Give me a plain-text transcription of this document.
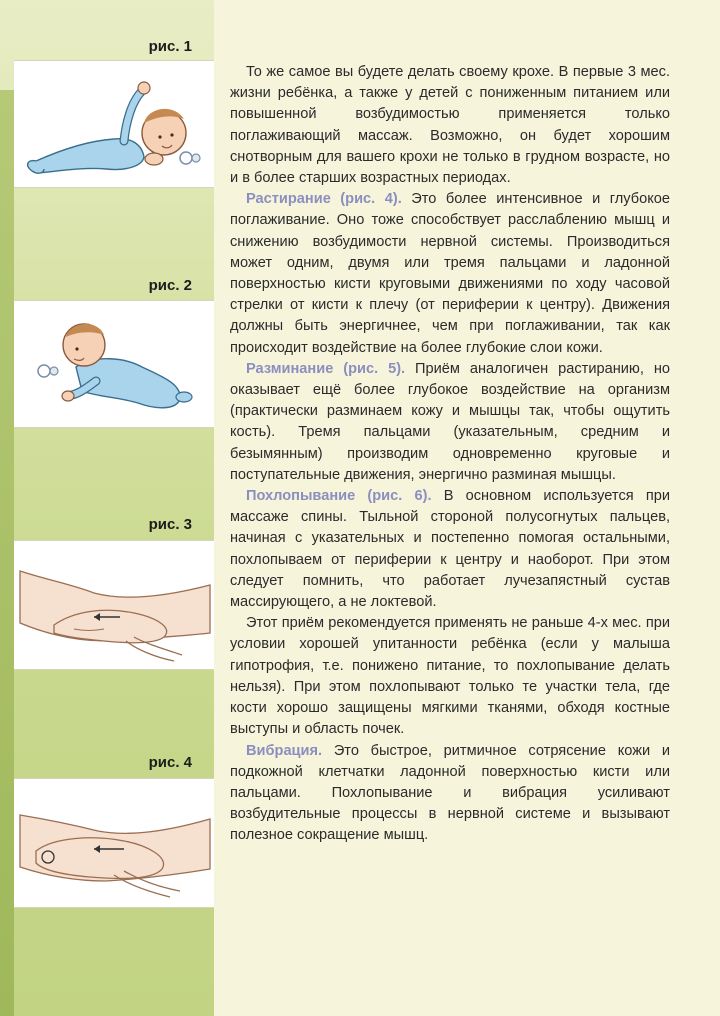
рис. 1
рис. 2
рис. 3
рис. 4

То же самое вы будете делать своему крохе. В первые 3 мес. жизни ребёнка, а также у детей с пониженным питанием или повышенной возбудимостью применяется только поглаживающий массаж. Возможно, он будет хорошим снотворным для вашего крохи не только в грудном возрасте, но и в более старших возрастных периодах.

Растирание (рис. 4). Это более интенсивное и глубокое поглаживание. Оно тоже способствует расслаблению мышц и снижению возбудимости нервной системы. Производиться может одним, двумя или тремя пальцами и ладонной поверхностью кисти круговыми движениями по ходу часовой стрелки от кисти к плечу (от периферии к центру). Движения должны быть энергичнее, чем при поглаживании, так как происходит воздействие на более глубокие слои кожи.

Разминание (рис. 5). Приём аналогичен растиранию, но оказывает ещё более глубокое воздействие на организм (практически разминаем кожу и мышцы так, чтобы ощутить кость). Тремя пальцами (указательным, средним и безымянным) производим одновременно круговые и поступательные движения, энергично разминая мышцы.

Похлопывание (рис. 6). В основном используется при массаже спины. Тыльной стороной полусогнутых пальцев, начиная с указательных и постепенно помогая остальными, похлопываем от периферии к центру и наоборот. При этом следует помнить, что работает лучезапястный сустав массирующего, а не локтевой.

Этот приём рекомендуется применять не раньше 4-х мес. при условии хорошей упитанности ребёнка (если у малыша гипотрофия, т.е. понижено питание, то похлопывание делать нельзя). При этом похлопывают только те участки тела, где кости хорошо защищены мягкими тканями, обходя костные выступы и область почек.

Вибрация. Это быстрое, ритмичное сотрясение кожи и подкожной клетчатки ладонной поверхностью кисти или пальцами. Похлопывание и вибрация усиливают возбудительные процессы в нервной системе и вызывают полезное сокращение мышц.
